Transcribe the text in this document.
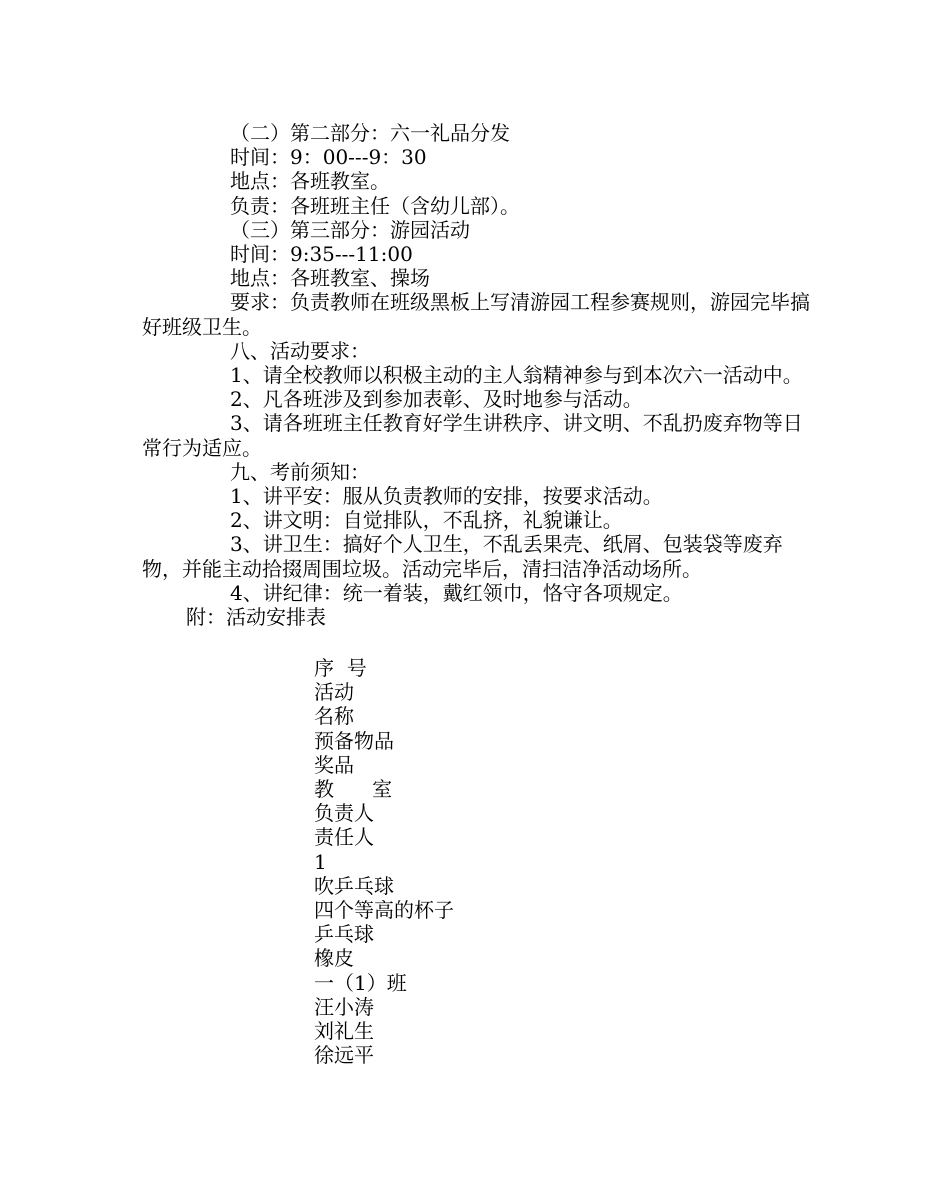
（二）第二部分：六一礼品分发

时间：9：00---9：30

地点：各班教室。

负责：各班班主任（含幼儿部）。

（三）第三部分：游园活动

时间：9:35---11:00

地点：各班教室、操场

要求：负责教师在班级黑板上写清游园工程参赛规则，游园完毕搞好班级卫生。

八、活动要求：

1、请全校教师以积极主动的主人翁精神参与到本次六一活动中。

2、凡各班涉及到参加表彰、及时地参与活动。

3、请各班班主任教育好学生讲秩序、讲文明、不乱扔废弃物等日常行为适应。

九、考前须知：

1、讲平安：服从负责教师的安排，按要求活动。

2、讲文明：自觉排队，不乱挤，礼貌谦让。

3、讲卫生：搞好个人卫生，不乱丢果壳、纸屑、包装袋等废弃物，并能主动拾掇周围垃圾。活动完毕后，清扫洁净活动场所。

4、讲纪律：统一着装，戴红领巾，恪守各项规定。

附：活动安排表

序  号

活动

名称

预备物品

奖品

教      室

负责人

责任人

1

吹乒乓球

四个等高的杯子

乒乓球

橡皮

一（1）班

汪小涛

刘礼生

徐远平
